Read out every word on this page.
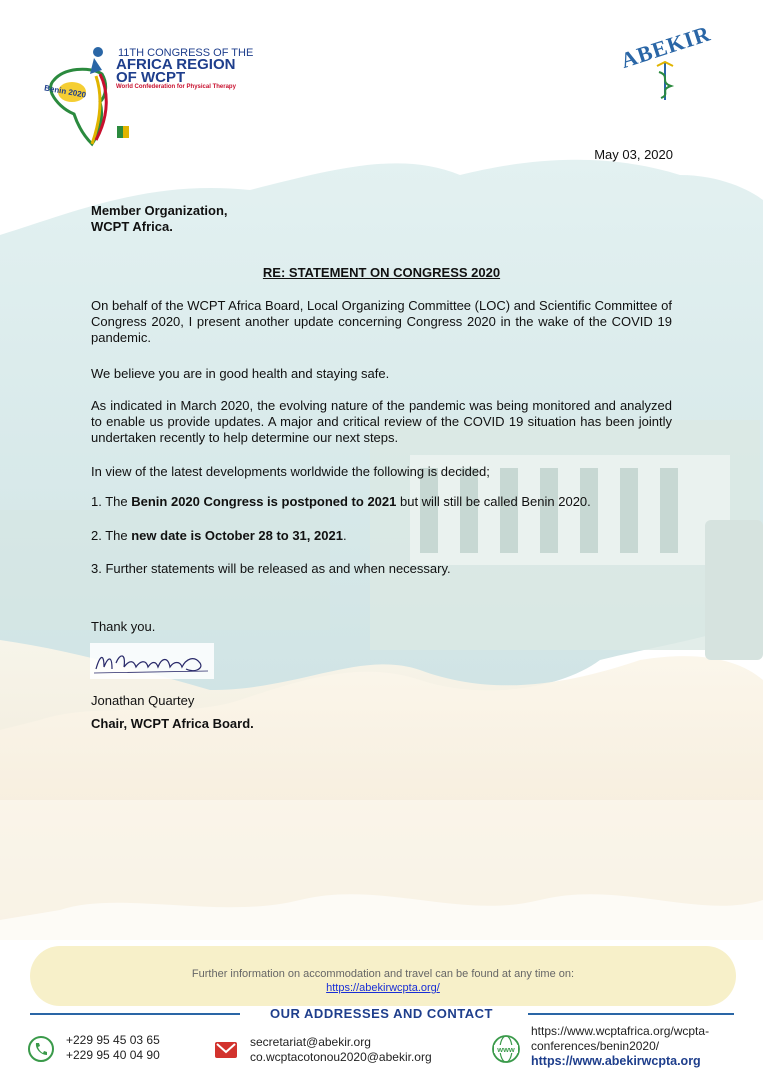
11TH CONGRESS OF THE
AFRICA REGION
OF WCPT
World Confederation for Physical Therapy
Benin 2020
ABEKIR
May 03, 2020
Member Organization,
WCPT Africa.
RE: STATEMENT ON CONGRESS 2020
On behalf of the WCPT Africa Board, Local Organizing Committee (LOC) and Scientific Committee of Congress 2020, I present another update concerning Congress 2020 in the wake of the COVID 19 pandemic.
We believe you are in good health and staying safe.
As indicated in March 2020, the evolving nature of the pandemic was being monitored and analyzed to enable us provide updates. A major and critical review of the COVID 19 situation has been jointly undertaken recently to help determine our next steps.
In view of the latest developments worldwide the following is decided;
1. The Benin 2020 Congress is postponed to 2021 but will still be called Benin 2020.
2. The new date is October 28 to 31, 2021.
3. Further statements will be released as and when necessary.
Thank you.
Jonathan Quartey
Chair, WCPT Africa Board.
Further information on accommodation and travel can be found at any time on:
https://abekirwcpta.org/
OUR ADDRESSES AND CONTACT
+229 95 45 03 65
+229 95 40 04 90
secretariat@abekir.org
co.wcptacotonou2020@abekir.org
www
https://www.wcptafrica.org/wcpta-
conferences/benin2020/
https://www.abekirwcpta.org
